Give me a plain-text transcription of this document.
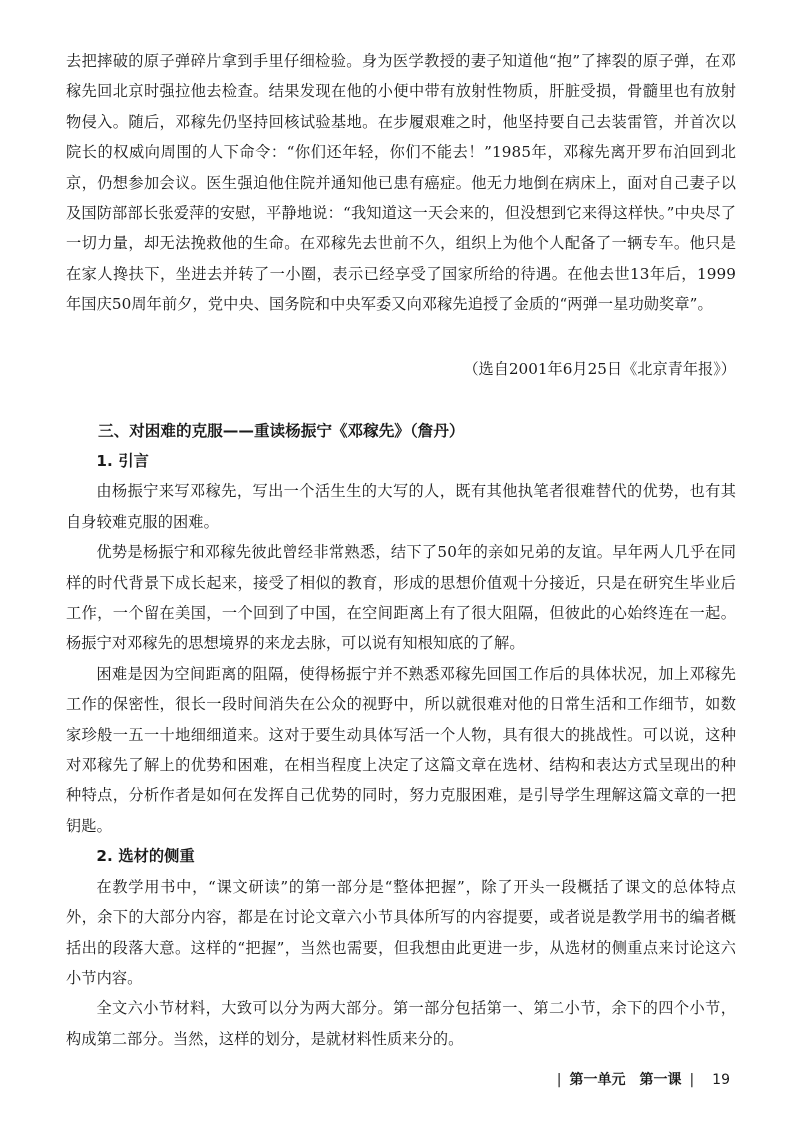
去把摔破的原子弹碎片拿到手里仔细检验。身为医学教授的妻子知道他“抱”了摔裂的原子弹，在邓稼先回北京时强拉他去检查。结果发现在他的小便中带有放射性物质，肝脏受损，骨髓里也有放射物侵入。随后，邓稼先仍坚持回核试验基地。在步履艰难之时，他坚持要自己去装雷管，并首次以院长的权威向周围的人下命令：“你们还年轻，你们不能去！”1985年，邓稼先离开罗布泊回到北京，仍想参加会议。医生强迫他住院并通知他已患有癌症。他无力地倒在病床上，面对自己妻子以及国防部部长张爱萍的安慰，平静地说：“我知道这一天会来的，但没想到它来得这样快。”中央尽了一切力量，却无法挽救他的生命。在邓稼先去世前不久，组织上为他个人配备了一辆专车。他只是在家人搀扶下，坐进去并转了一小圈，表示已经享受了国家所给的待遇。在他去世13年后，1999年国庆50周年前夕，党中央、国务院和中央军委又向邓稼先追授了金质的“两弹一星功勋奖章”。

（选自2001年6月25日《北京青年报》）
三、对困难的克服——重读杨振宁《邓稼先》（詹丹）

1. 引言

由杨振宁来写邓稼先，写出一个活生生的大写的人，既有其他执笔者很难替代的优势，也有其自身较难克服的困难。

优势是杨振宁和邓稼先彼此曾经非常熟悉，结下了50年的亲如兄弟的友谊。早年两人几乎在同样的时代背景下成长起来，接受了相似的教育，形成的思想价值观十分接近，只是在研究生毕业后工作，一个留在美国，一个回到了中国，在空间距离上有了很大阻隔，但彼此的心始终连在一起。杨振宁对邓稼先的思想境界的来龙去脉，可以说有知根知底的了解。

困难是因为空间距离的阻隔，使得杨振宁并不熟悉邓稼先回国工作后的具体状况，加上邓稼先工作的保密性，很长一段时间消失在公众的视野中，所以就很难对他的日常生活和工作细节，如数家珍般一五一十地细细道来。这对于要生动具体写活一个人物，具有很大的挑战性。可以说，这种对邓稼先了解上的优势和困难，在相当程度上决定了这篇文章在选材、结构和表达方式呈现出的种种特点，分析作者是如何在发挥自己优势的同时，努力克服困难，是引导学生理解这篇文章的一把钥匙。

2. 选材的侧重

在教学用书中，“课文研读”的第一部分是“整体把握”，除了开头一段概括了课文的总体特点外，余下的大部分内容，都是在讨论文章六小节具体所写的内容提要，或者说是教学用书的编者概括出的段落大意。这样的“把握”，当然也需要，但我想由此更进一步，从选材的侧重点来讨论这六小节内容。

全文六小节材料，大致可以分为两大部分。第一部分包括第一、第二小节，余下的四个小节，构成第二部分。当然，这样的划分，是就材料性质来分的。

| 第一单元　第一课 | 19
